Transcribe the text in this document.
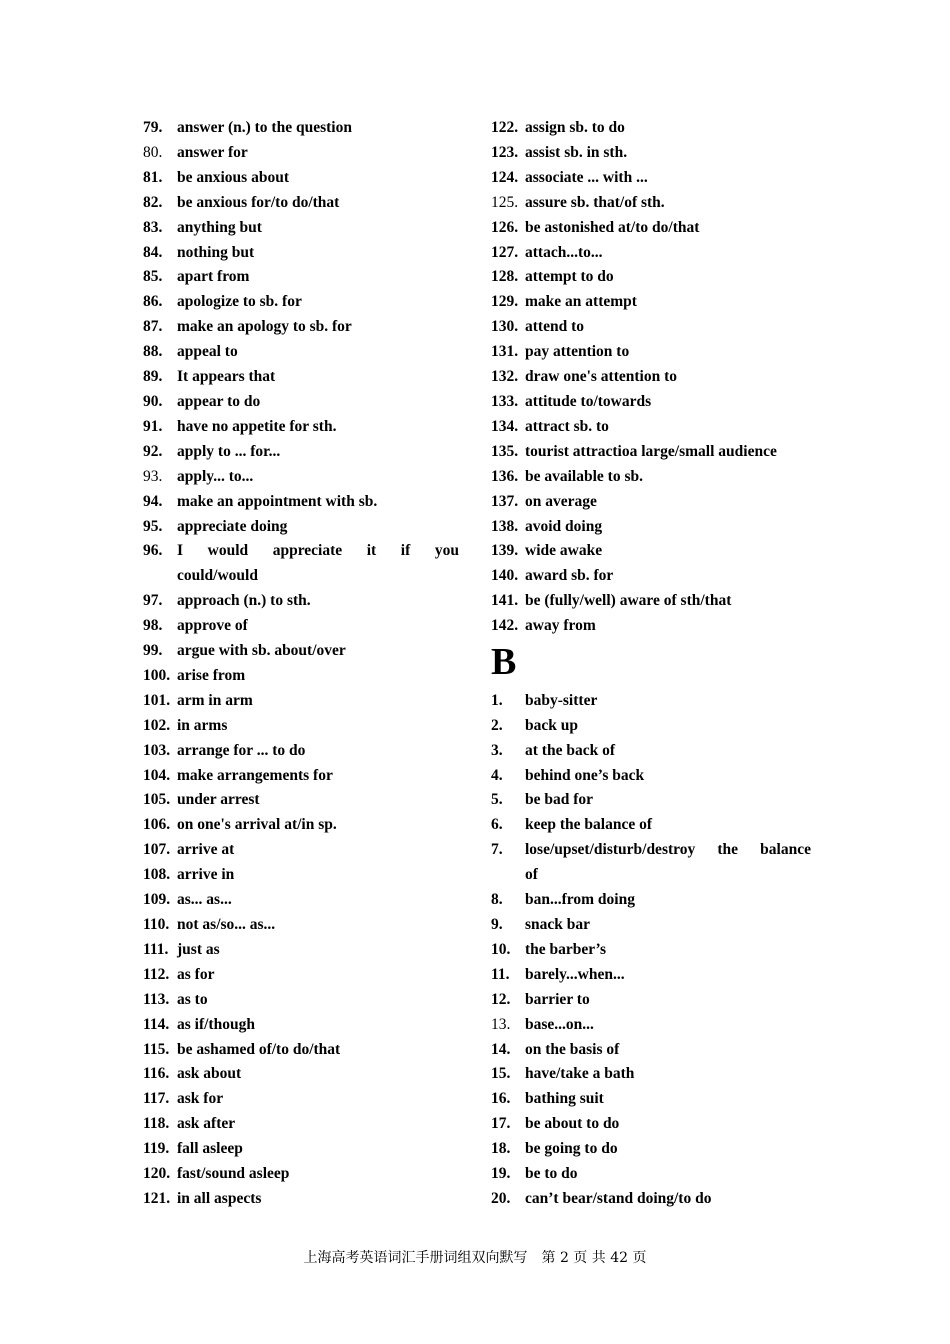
79. answer (n.) to the question
80. answer for
81. be anxious about
82. be anxious for/to do/that
83. anything but
84. nothing but
85. apart from
86. apologize to sb. for
87. make an apology to sb. for
88. appeal to
89. It appears that
90. appear to do
91. have no appetite for sth.
92. apply to ... for...
93. apply... to...
94. make an appointment with sb.
95. appreciate doing
96. I would appreciate it if you
could/would
97. approach (n.) to sth.
98. approve of
99. argue with sb. about/over
100. arise from
101. arm in arm
102. in arms
103. arrange for ... to do
104. make arrangements for
105. under arrest
106. on one's arrival at/in sp.
107. arrive at
108. arrive in
109. as... as...
110. not as/so... as...
111. just as
112. as for
113. as to
114. as if/though
115. be ashamed of/to do/that
116. ask about
117. ask for
118. ask after
119. fall asleep
120. fast/sound asleep
121. in all aspects
122. assign sb. to do
123. assist sb. in sth.
124. associate ... with ...
125. assure sb. that/of sth.
126. be astonished at/to do/that
127. attach...to...
128. attempt to do
129. make an attempt
130. attend to
131. pay attention to
132. draw one's attention to
133. attitude to/towards
134. attract sb. to
135. tourist attractioa large/small audience
136. be available to sb.
137. on average
138. avoid doing
139. wide awake
140. award sb. for
141. be (fully/well) aware of sth/that
142. away from
B
1.	baby-sitter
2.	back up
3.	at the back of
4.	behind one’s back
5.	be bad for
6.	keep the balance of
7.	lose/upset/disturb/destroy the balance
of
8.	ban...from doing
9.	snack bar
10. the barber’s
11. barely...when...
12. barrier to
13. base...on...
14. on the basis of
15. have/take a bath
16. bathing suit
17. be about to do
18. be going to do
19. be to do
20. can’t bear/stand doing/to do
上海高考英语词汇手册词组双向默写　第 2 页 共 42 页
